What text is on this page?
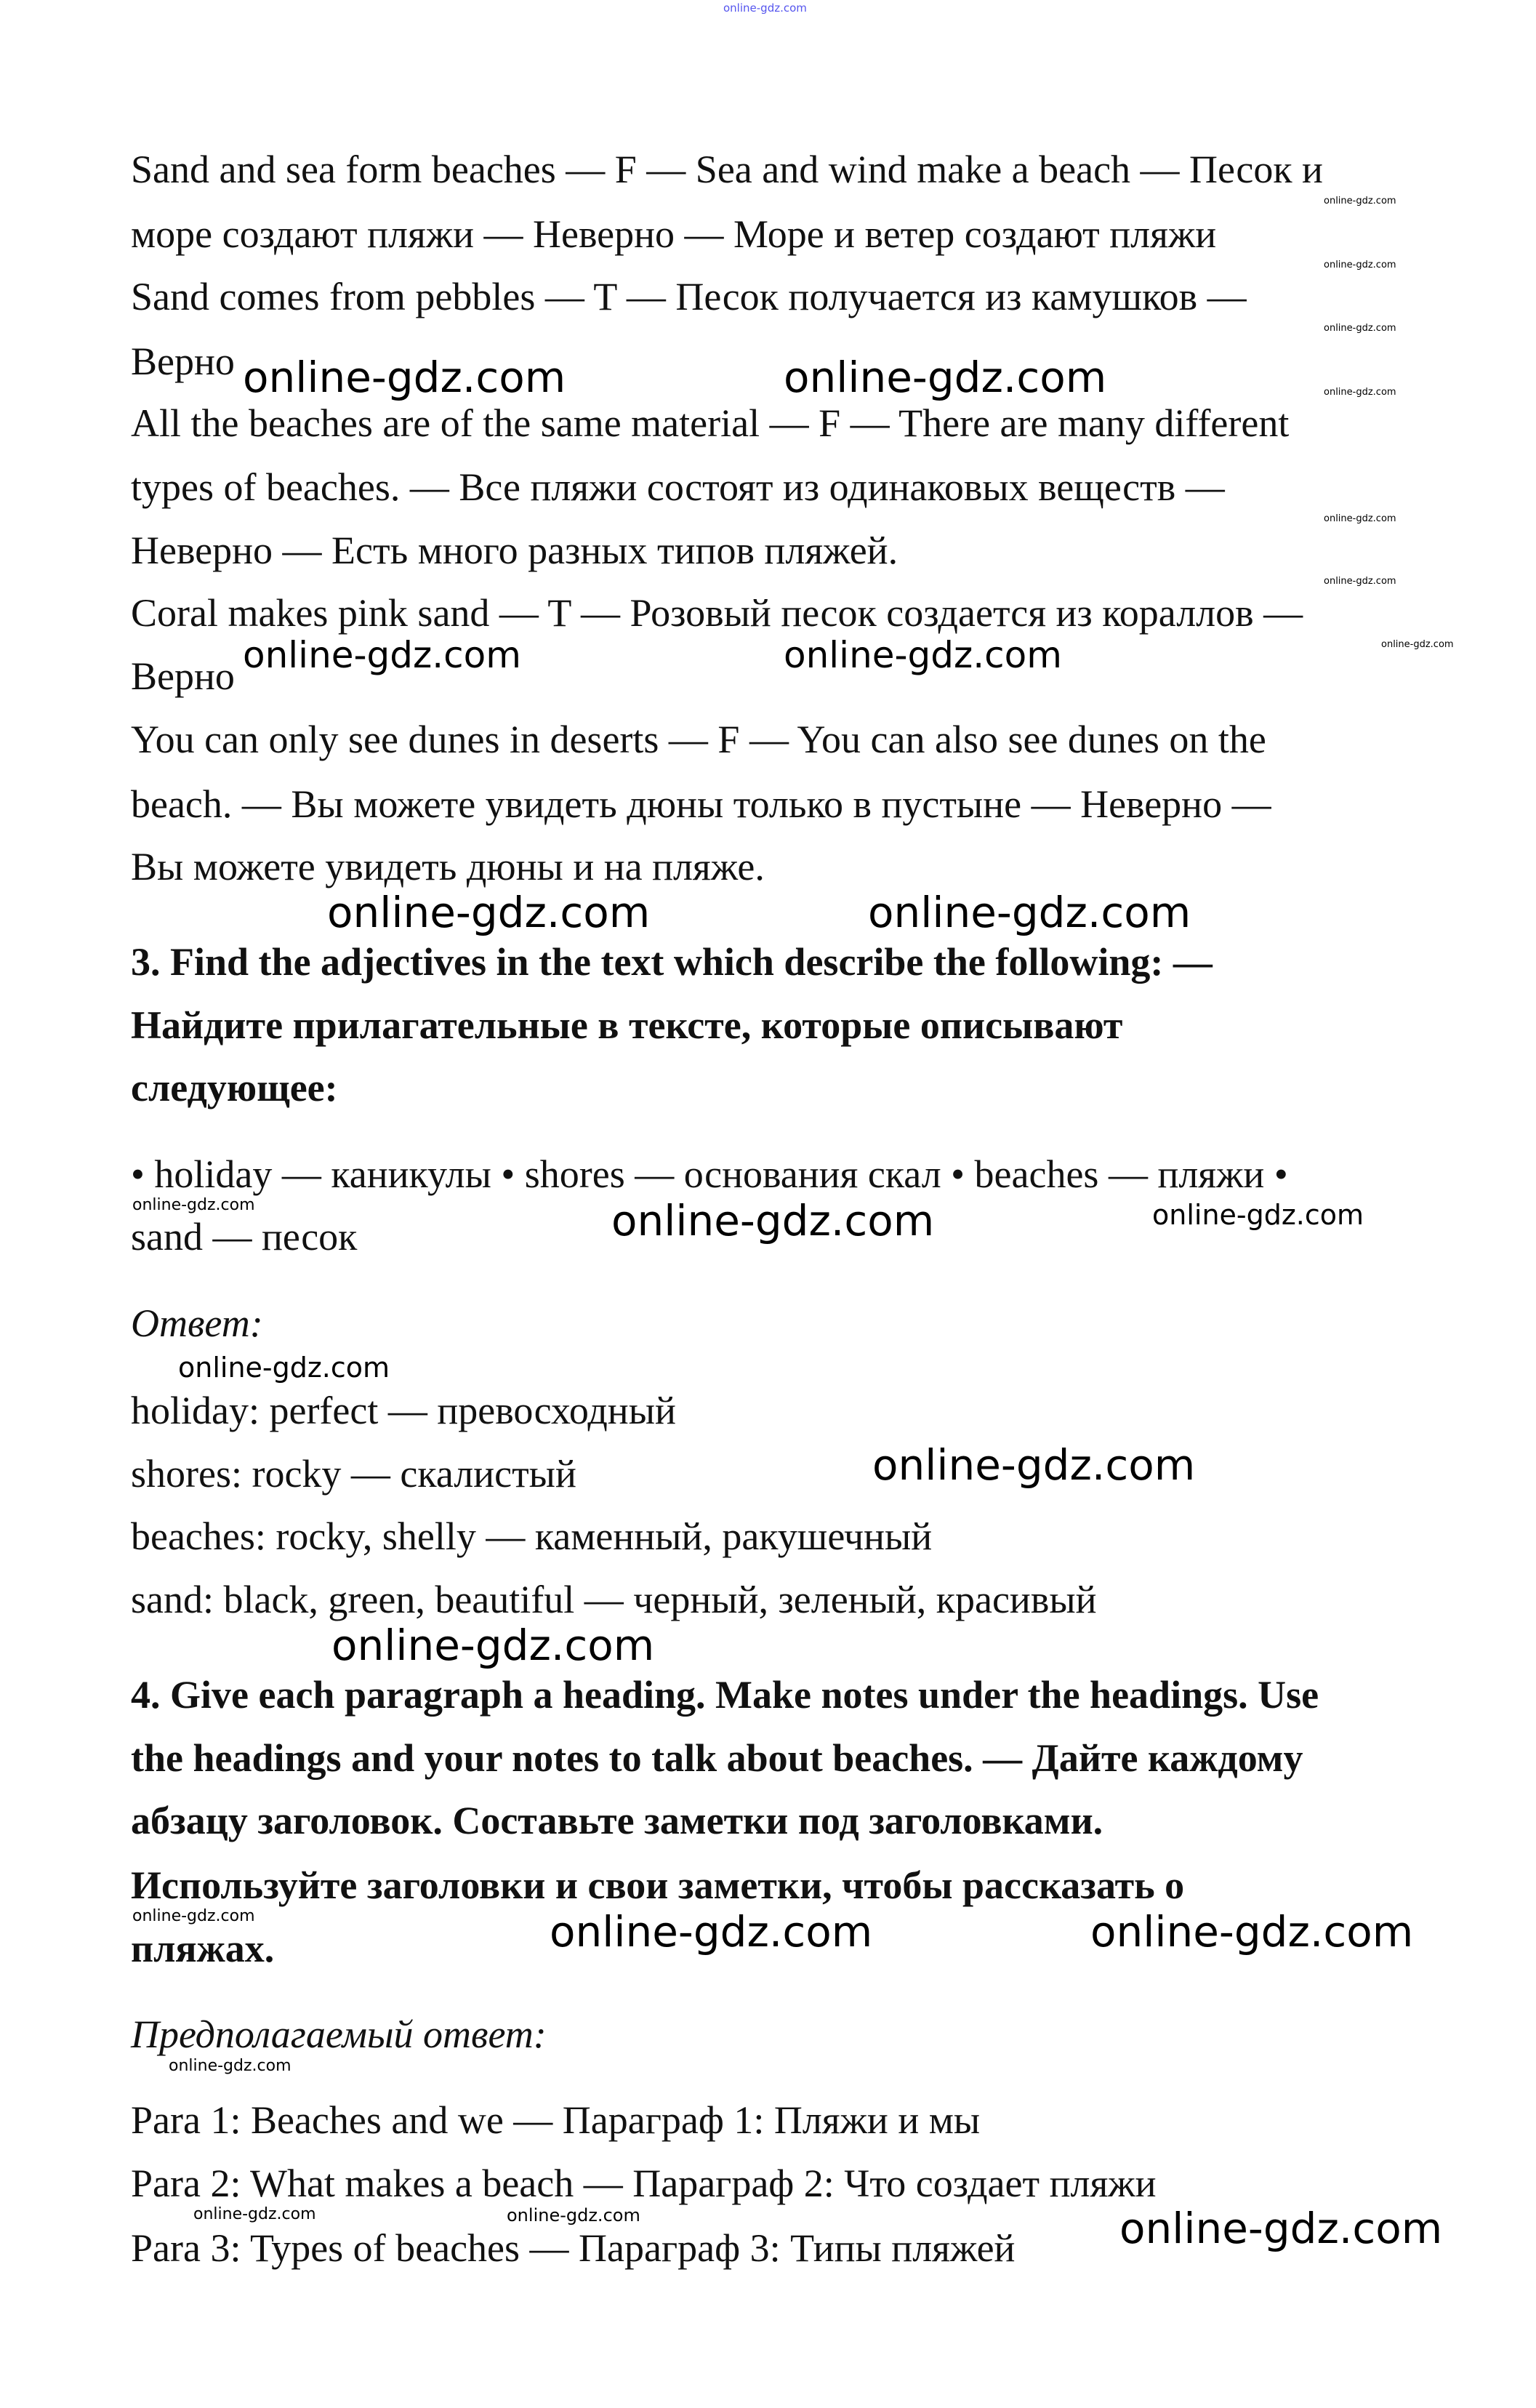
online-gdz.com
Sand and sea form beaches — F — Sea and wind make a beach — Песок и
море создают пляжи — Неверно — Море и ветер создают пляжи
Sand comes from pebbles — T — Песок получается из камушков —
Верно
All the beaches are of the same material — F — There are many different
types of beaches. — Все пляжи состоят из одинаковых веществ —
Неверно — Есть много разных типов пляжей.
Coral makes pink sand — T — Розовый песок создается из кораллов —
Верно
You can only see dunes in deserts — F — You can also see dunes on the
beach. — Вы можете увидеть дюны только в пустыне — Неверно —
Вы можете увидеть дюны и на пляже.
3. Find the adjectives in the text which describe the following: —
Найдите прилагательные в тексте, которые описывают
следующее:
• holiday — каникулы • shores — основания скал • beaches — пляжи •
sand — песок
Ответ:
holiday: perfect — превосходный
shores: rocky — скалистый
beaches: rocky, shelly — каменный, ракушечный
sand: black, green, beautiful — черный, зеленый, красивый
4. Give each paragraph a heading. Make notes under the headings. Use
the headings and your notes to talk about beaches. — Дайте каждому
абзацу заголовок. Составьте заметки под заголовками.
Используйте заголовки и свои заметки, чтобы рассказать о
пляжах.
Предполагаемый ответ:
Para 1: Beaches and we — Параграф 1: Пляжи и мы
Para 2: What makes a beach — Параграф 2: Что создает пляжи
Para 3: Types of beaches — Параграф 3: Типы пляжей
online-gdz.com	online-gdz.com
online-gdz.com	online-gdz.com
online-gdz.com	online-gdz.com
online-gdz.com	online-gdz.com
online-gdz.com
online-gdz.com
online-gdz.com
online-gdz.com
online-gdz.com	online-gdz.com	online-gdz.com
online-gdz.com
online-gdz.com	online-gdz.com	online-gdz.com
online-gdz.com
online-gdz.com
online-gdz.com
online-gdz.com
online-gdz.com
online-gdz.com
online-gdz.com
